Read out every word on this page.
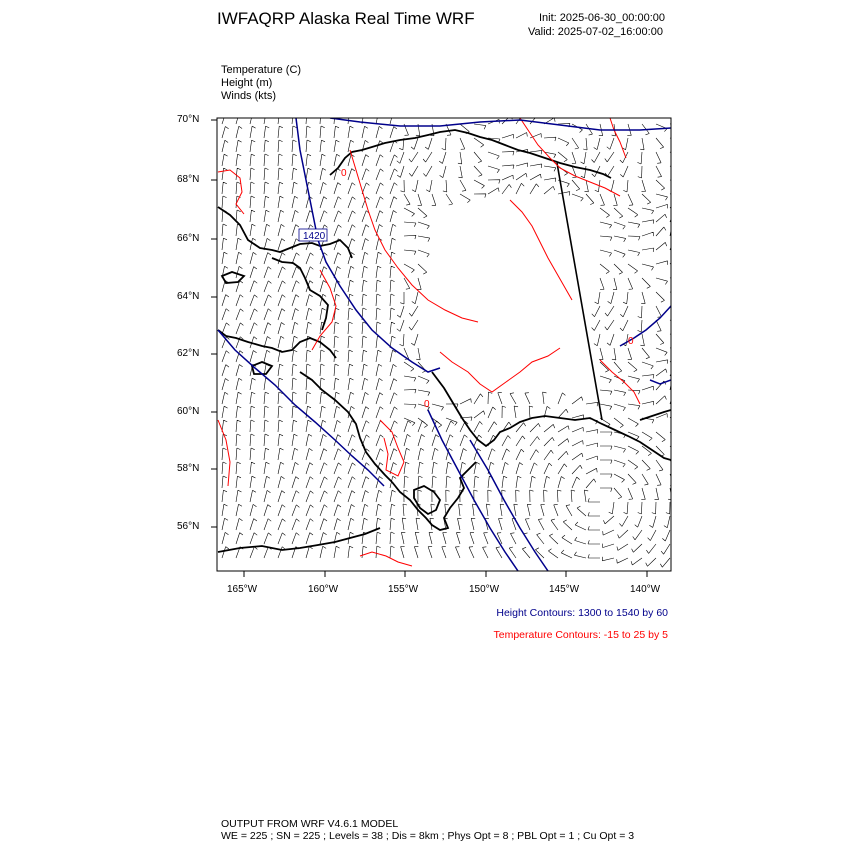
IWFAQRP Alaska Real Time WRF	Init: 2025-06-30_00:00:00
Valid: 2025-07-02_16:00:00
Temperature (C)
Height (m)
Winds (kts)
1420
0
0
0
70°N
68°N
66°N
64°N
62°N
60°N
58°N
56°N
165°W	160°W	155°W	150°W	145°W	140°W
Height Contours: 1300 to 1540 by 60
Temperature Contours: -15 to 25 by 5
OUTPUT FROM WRF V4.6.1 MODEL
WE = 225 ; SN = 225 ; Levels = 38 ; Dis = 8km ; Phys Opt = 8 ; PBL Opt = 1 ; Cu Opt = 3
